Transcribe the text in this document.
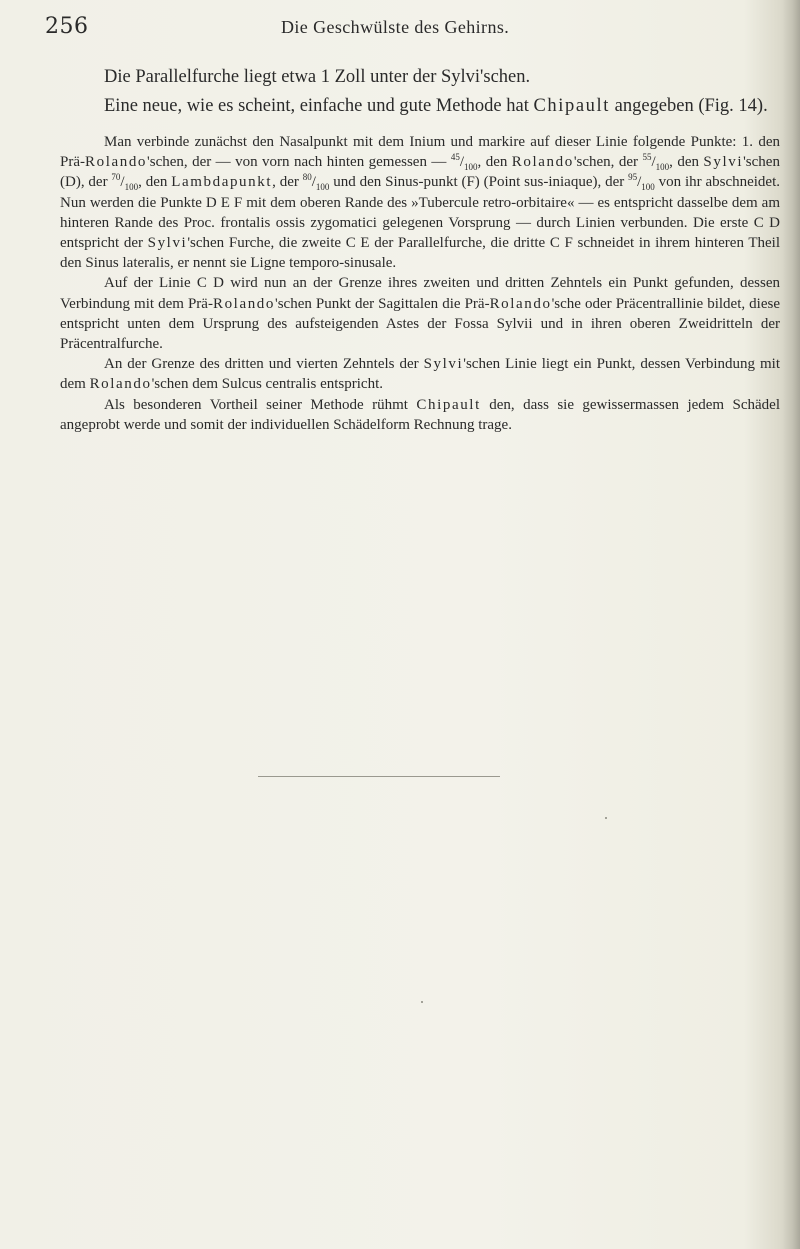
256	Die Geschwülste des Gehirns.

Die Parallelfurche liegt etwa 1 Zoll unter der Sylvi'schen.

Eine neue, wie es scheint, einfache und gute Methode hat Chipault angegeben (Fig. 14).

Man verbinde zunächst den Nasalpunkt mit dem Inium und markire auf dieser Linie folgende Punkte: 1. den Prä-Rolando'schen, der — von vorn nach hinten gemessen — $^{45}/_{100}$, den Rolando'schen, der $^{55}/_{100}$, den Sylvi'schen (D), der $^{70}/_{100}$, den Lambdapunkt, der $^{80}/_{100}$ und den Sinus-punkt (F) (Point sus-iniaque), der $^{95}/_{100}$ von ihr abschneidet. Nun werden die Punkte D E F mit dem oberen Rande des »Tubercule retro-orbitaire« — es entspricht dasselbe dem am hinteren Rande des Proc. frontalis ossis zygomatici gelegenen Vorsprung — durch Linien verbunden. Die erste C D entspricht der Sylvi'schen Furche, die zweite C E der Parallelfurche, die dritte C F schneidet in ihrem hinteren Theil den Sinus lateralis, er nennt sie Ligne temporo-sinusale.

Auf der Linie C D wird nun an der Grenze ihres zweiten und dritten Zehntels ein Punkt gefunden, dessen Verbindung mit dem Prä-Rolando'schen Punkt der Sagittalen die Prä-Rolando'sche oder Präcentrallinie bildet, diese entspricht unten dem Ursprung des aufsteigenden Astes der Fossa Sylvii und in ihren oberen Zweidritteln der Präcentralfurche.

An der Grenze des dritten und vierten Zehntels der Sylvi'schen Linie liegt ein Punkt, dessen Verbindung mit dem Rolando'schen dem Sulcus centralis entspricht.

Als besonderen Vortheil seiner Methode rühmt Chipault den, dass sie gewissermassen jedem Schädel angeprobt werde und somit der individuellen Schädelform Rechnung trage.
